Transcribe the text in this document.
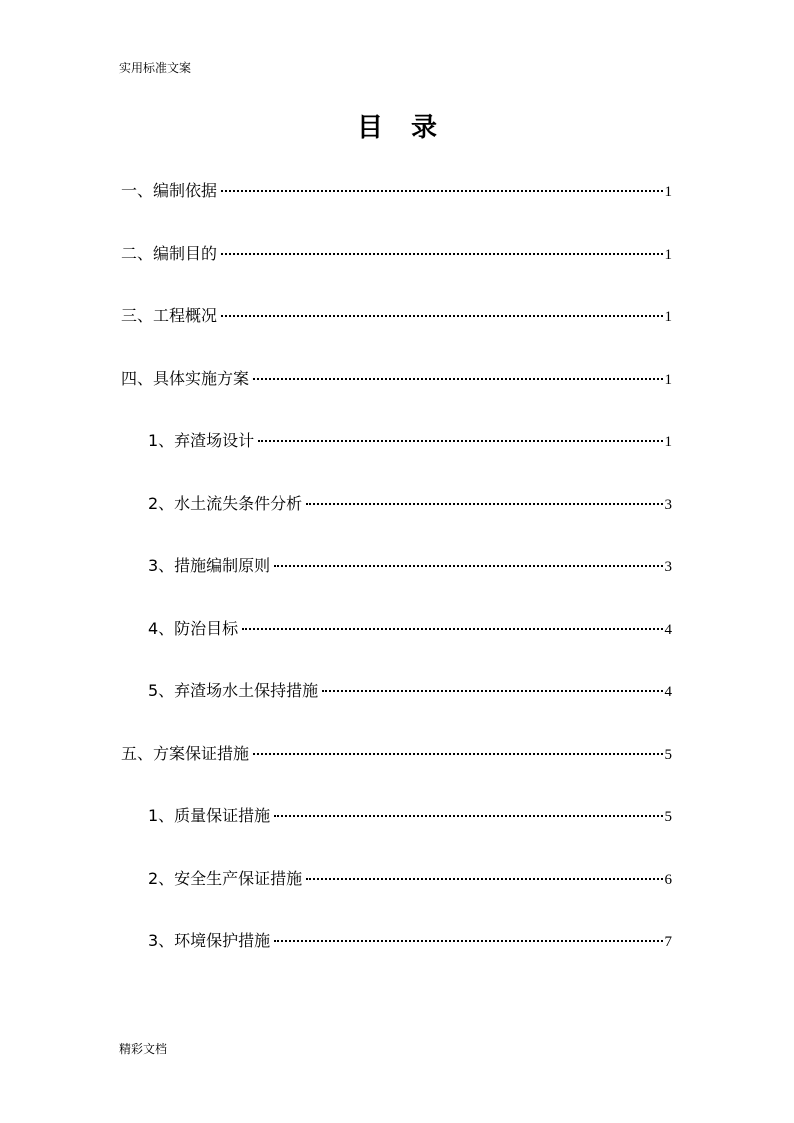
实用标准文案
目录
一、编制依据	1
二、编制目的	1
三、工程概况	1
四、具体实施方案	1
1、弃渣场设计	1
2、水土流失条件分析	3
3、措施编制原则	3
4、防治目标	4
5、弃渣场水土保持措施	4
五、方案保证措施	5
1、质量保证措施	5
2、安全生产保证措施	6
3、环境保护措施	7
精彩文档
